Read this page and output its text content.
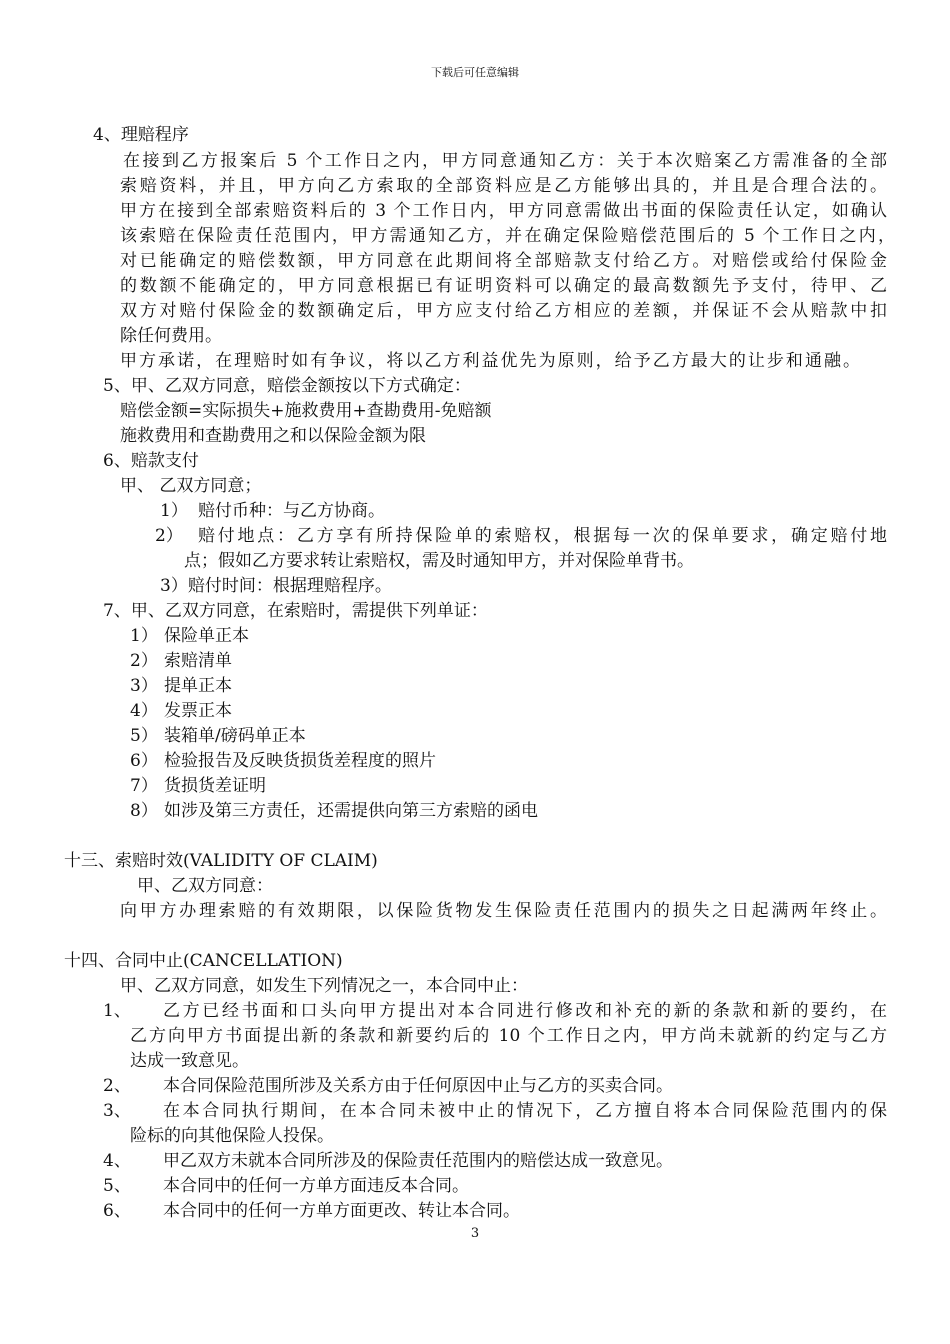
下载后可任意编辑
4、理赔程序
在接到乙方报案后 5 个工作日之内，甲方同意通知乙方：关于本次赔案乙方需准备的全部
索赔资料，并且，甲方向乙方索取的全部资料应是乙方能够出具的，并且是合理合法的。
甲方在接到全部索赔资料后的 3 个工作日内，甲方同意需做出书面的保险责任认定，如确认
该索赔在保险责任范围内，甲方需通知乙方，并在确定保险赔偿范围后的 5 个工作日之内，
对已能确定的赔偿数额，甲方同意在此期间将全部赔款支付给乙方。对赔偿或给付保险金
的数额不能确定的，甲方同意根据已有证明资料可以确定的最高数额先予支付，待甲、乙
双方对赔付保险金的数额确定后，甲方应支付给乙方相应的差额，并保证不会从赔款中扣
除任何费用。
甲方承诺，在理赔时如有争议，将以乙方利益优先为原则，给予乙方最大的让步和通融。
5、甲、乙双方同意，赔偿金额按以下方式确定：
赔偿金额=实际损失+施救费用+查勘费用-免赔额
施救费用和查勘费用之和以保险金额为限
6、赔款支付
甲、 乙双方同意；
1） 赔付币种：与乙方协商。
2） 赔付地点：乙方享有所持保险单的索赔权，根据每一次的保单要求，确定赔付地
点；假如乙方要求转让索赔权，需及时通知甲方，并对保险单背书。
3）赔付时间：根据理赔程序。
7、甲、乙双方同意，在索赔时，需提供下列单证：
1） 保险单正本
2） 索赔清单
3） 提单正本
4） 发票正本
5） 装箱单/磅码单正本
6） 检验报告及反映货损货差程度的照片
7） 货损货差证明
8） 如涉及第三方责任，还需提供向第三方索赔的函电
十三、索赔时效(VALIDITY OF CLAIM)
甲、乙双方同意：
向甲方办理索赔的有效期限，以保险货物发生保险责任范围内的损失之日起满两年终止。
十四、合同中止(CANCELLATION)
甲、乙双方同意，如发生下列情况之一，本合同中止：
1、 乙方已经书面和口头向甲方提出对本合同进行修改和补充的新的条款和新的要约，在
乙方向甲方书面提出新的条款和新要约后的 10 个工作日之内，甲方尚未就新的约定与乙方
达成一致意见。
2、 本合同保险范围所涉及关系方由于任何原因中止与乙方的买卖合同。
3、 在本合同执行期间，在本合同未被中止的情况下，乙方擅自将本合同保险范围内的保
险标的向其他保险人投保。
4、 甲乙双方未就本合同所涉及的保险责任范围内的赔偿达成一致意见。
5、 本合同中的任何一方单方面违反本合同。
6、 本合同中的任何一方单方面更改、转让本合同。
3
